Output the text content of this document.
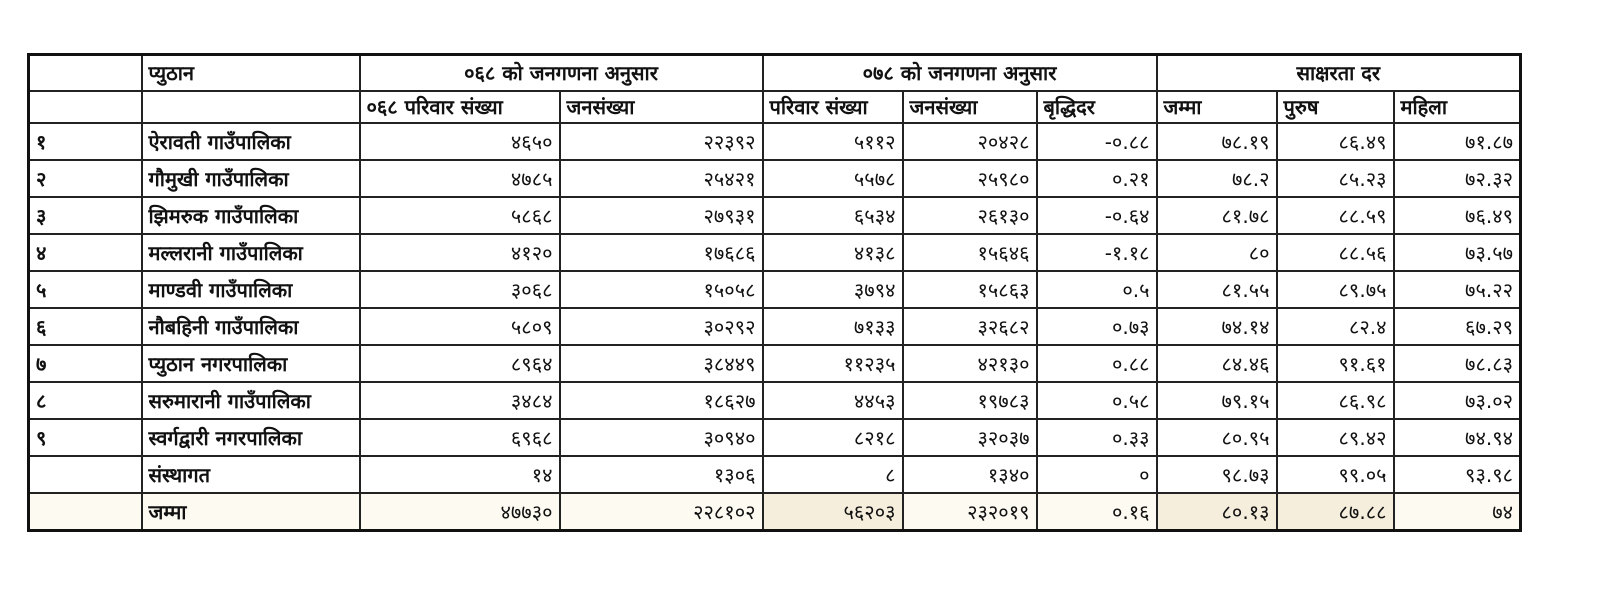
	प्युठान	०६८ को जनगणना अनुसार		०७८ को जनगणना अनुसार			साक्षरता दर		
		०६८ परिवार संख्या	जनसंख्या	परिवार संख्या	जनसंख्या	बृद्धिदर	जम्मा	पुरुष	महिला
१	ऐरावती गाउँपालिका	४६५०	२२३९२	५११२	२०४२८	-०.८८	७८.१९	८६.४९	७१.८७
२	गौमुखी गाउँपालिका	४७८५	२५४२१	५५७८	२५९८०	०.२१	७८.२	८५.२३	७२.३२
३	झिमरुक गाउँपालिका	५८६८	२७९३१	६५३४	२६१३०	-०.६४	८१.७८	८८.५९	७६.४९
४	मल्लरानी गाउँपालिका	४१२०	१७६८६	४१३८	१५६४६	-१.१८	८०	८८.५६	७३.५७
५	माण्डवी गाउँपालिका	३०६८	१५०५८	३७९४	१५८६३	०.५	८१.५५	८९.७५	७५.२२
६	नौबहिनी गाउँपालिका	५८०९	३०२९२	७१३३	३२६८२	०.७३	७४.१४	८२.४	६७.२९
७	प्युठान नगरपालिका	८९६४	३८४४९	११२३५	४२१३०	०.८८	८४.४६	९१.६१	७८.८३
८	सरुमारानी गाउँपालिका	३४८४	१८६२७	४४५३	१९७८३	०.५८	७९.१५	८६.९८	७३.०२
९	स्वर्गद्वारी नगरपालिका	६९६८	३०९४०	८२१८	३२०३७	०.३३	८०.९५	८९.४२	७४.९४
	संस्थागत	१४	१३०६	८	१३४०	०	९८.७३	९९.०५	९३.९८
	जम्मा	४७७३०	२२८१०२	५६२०३	२३२०१९	०.१६	८०.१३	८७.८८	७४
